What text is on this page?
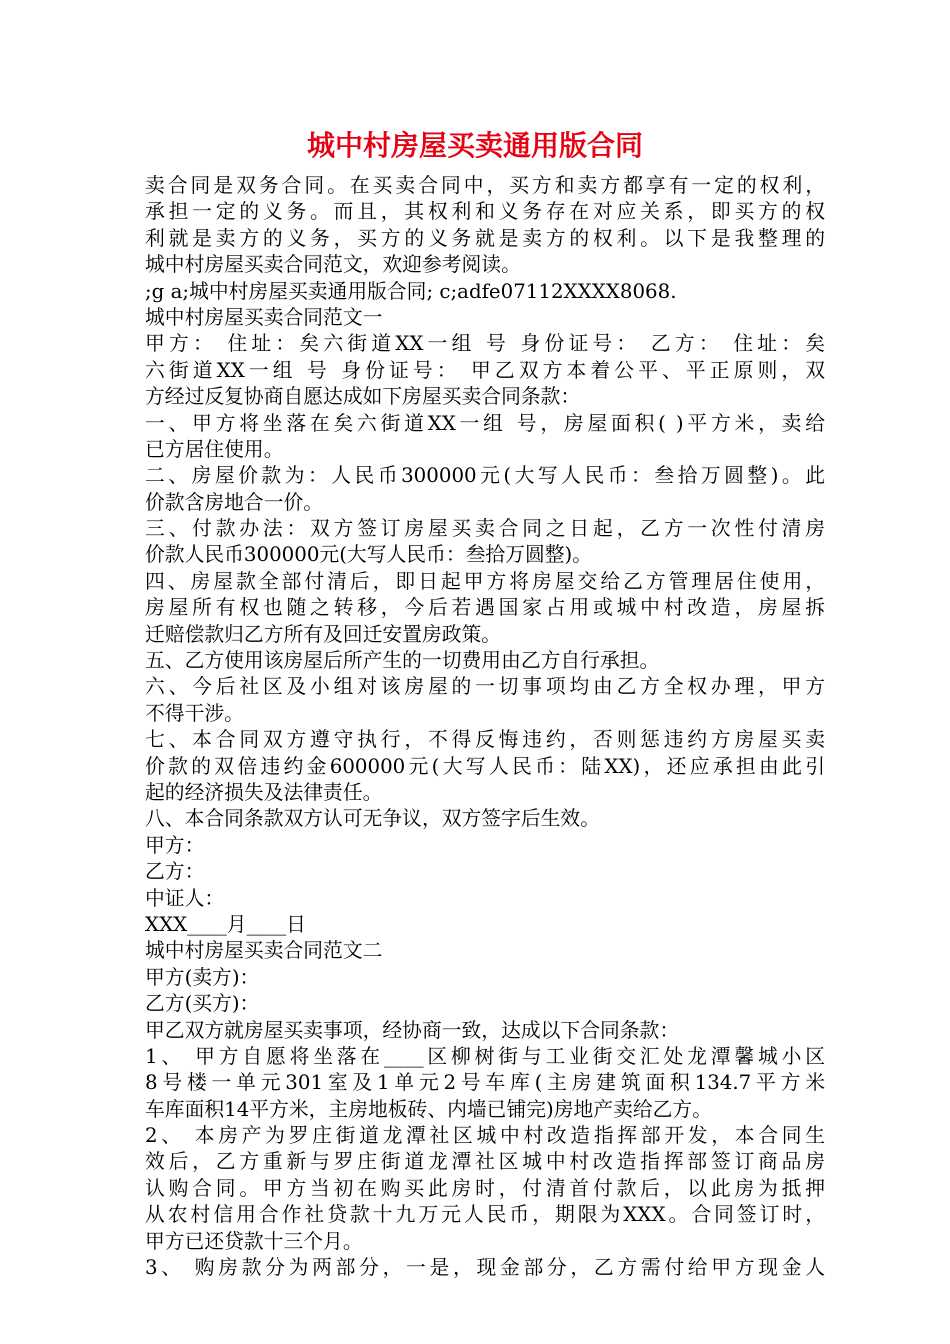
城中村房屋买卖通用版合同
卖合同是双务合同。在买卖合同中，买方和卖方都享有一定的权利，
承担一定的义务。而且，其权利和义务存在对应关系，即买方的权
利就是卖方的义务，买方的义务就是卖方的权利。以下是我整理的
城中村房屋买卖合同范文，欢迎参考阅读。
;g a;城中村房屋买卖通用版合同; c;adfe07112XXXX8068.
城中村房屋买卖合同范文一
甲方： 住址：矣六街道XX一组 号 身份证号： 乙方： 住址：矣
六街道XX一组 号 身份证号： 甲乙双方本着公平、平正原则，双
方经过反复协商自愿达成如下房屋买卖合同条款：
一、甲方将坐落在矣六街道XX一组 号，房屋面积( )平方米，卖给
已方居住使用。
二、房屋价款为：人民币300000元(大写人民币：叁拾万圆整)。此
价款含房地合一价。
三、付款办法：双方签订房屋买卖合同之日起，乙方一次性付清房
价款人民币300000元(大写人民币：叁拾万圆整)。
四、房屋款全部付清后，即日起甲方将房屋交给乙方管理居住使用，
房屋所有权也随之转移，今后若遇国家占用或城中村改造，房屋拆
迁赔偿款归乙方所有及回迁安置房政策。
五、乙方使用该房屋后所产生的一切费用由乙方自行承担。
六、今后社区及小组对该房屋的一切事项均由乙方全权办理，甲方
不得干涉。
七、本合同双方遵守执行，不得反悔违约，否则惩违约方房屋买卖
价款的双倍违约金600000元(大写人民币：陆XX)，还应承担由此引
起的经济损失及法律责任。
八、本合同条款双方认可无争议，双方签字后生效。
甲方：
乙方：
中证人：
XXX____月____日
城中村房屋买卖合同范文二
甲方(卖方)：
乙方(买方)：
甲乙双方就房屋买卖事项，经协商一致，达成以下合同条款：
1、 甲方自愿将坐落在____区柳树街与工业街交汇处龙潭馨城小区
8号楼一单元301室及1单元2号车库(主房建筑面积134.7平方米
车库面积14平方米，主房地板砖、内墙已铺完)房地产卖给乙方。
2、 本房产为罗庄街道龙潭社区城中村改造指挥部开发，本合同生
效后，乙方重新与罗庄街道龙潭社区城中村改造指挥部签订商品房
认购合同。甲方当初在购买此房时，付清首付款后，以此房为抵押
从农村信用合作社贷款十九万元人民币，期限为XXX。合同签订时，
甲方已还贷款十三个月。
3、 购房款分为两部分，一是，现金部分，乙方需付给甲方现金人
